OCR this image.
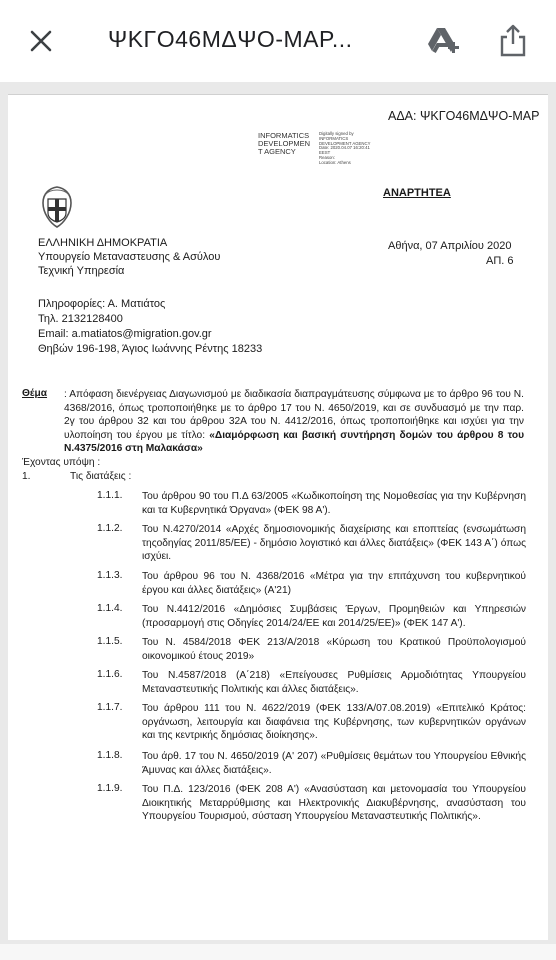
ΨΚΓΟ46ΜΔΨΟ-ΜΑΡ...
ΑΔΑ: ΨΚΓΟ46ΜΔΨΟ-ΜΑΡ
INFORMATICS
DEVELOPMEN
T AGENCY
Digitally signed by
INFORMATICS
DEVELOPMENT AGENCY
Date: 2020.04.07 16:20:41
EEST
Reason:
Location: Athens
ΑΝΑΡΤΗΤΕΑ
ΕΛΛΗΝΙΚΗ ΔΗΜΟΚΡΑΤΙΑ
Υπουργείο Μεταναστευσης & Ασύλου
Τεχνική Υπηρεσία
Αθήνα, 07 Απριλίου 2020
ΑΠ. 6
Πληροφορίες: Α. Ματιάτος
Τηλ. 2132128400
Email: a.matiatos@migration.gov.gr
Θηβών 196-198, Άγιος Ιωάννης Ρέντης 18233
Θέμα : Απόφαση διενέργειας Διαγωνισμού με διαδικασία διαπραγμάτευσης σύμφωνα με το άρθρο 96 του Ν. 4368/2016, όπως τροποποιήθηκε με το άρθρο 17 του Ν. 4650/2019, και σε συνδυασμό με την παρ. 2γ του άρθρου 32 και του άρθρου 32Α του Ν. 4412/2016, όπως τροποποιήθηκε και ισχύει για την υλοποίηση του έργου με τίτλο: «Διαμόρφωση και βασική συντήρηση δομών του άρθρου 8 του Ν.4375/2016 στη Μαλακάσα»
Έχοντας υπόψη :
1.	Τις διατάξεις :
1.1.1. Του άρθρου 90 του Π.Δ 63/2005 «Κωδικοποίηση της Νομοθεσίας για την Κυβέρνηση και τα Κυβερνητικά Όργανα» (ΦΕΚ 98 Α').
1.1.2. Του Ν.4270/2014 «Αρχές δημοσιονομικής διαχείρισης και εποπτείας (ενσωμάτωση τηςοδηγίας 2011/85/ΕΕ) - δημόσιο λογιστικό και άλλες διατάξεις» (ΦΕΚ 143 Α΄) όπως ισχύει.
1.1.3. Του άρθρου 96 του Ν. 4368/2016 «Μέτρα για την επιτάχυνση του κυβερνητικού έργου και άλλες διατάξεις» (Α'21)
1.1.4. Του Ν.4412/2016 «Δημόσιες Συμβάσεις Έργων, Προμηθειών και Υπηρεσιών (προσαρμογή στις Οδηγίες 2014/24/ΕΕ και 2014/25/ΕΕ)» (ΦΕΚ 147 Α').
1.1.5. Του Ν. 4584/2018 ΦΕΚ 213/Α/2018 «Κύρωση του Κρατικού Προϋπολογισμού οικονομικού έτους 2019»
1.1.6. Του Ν.4587/2018 (Α΄218) «Επείγουσες Ρυθμίσεις Αρμοδιότητας Υπουργείου Μεταναστευτικής Πολιτικής και άλλες διατάξεις».
1.1.7. Του άρθρου 111 του Ν. 4622/2019 (ΦΕΚ 133/Α/07.08.2019) «Επιτελικό Κράτος: οργάνωση, λειτουργία και διαφάνεια της Κυβέρνησης, των κυβερνητικών οργάνων και της κεντρικής δημόσιας διοίκησης».
1.1.8. Του άρθ. 17 του Ν. 4650/2019 (Α' 207) «Ρυθμίσεις θεμάτων του Υπουργείου Εθνικής Άμυνας και άλλες διατάξεις».
1.1.9. Του Π.Δ. 123/2016 (ΦΕΚ 208 Α') «Ανασύσταση και μετονομασία του Υπουργείου Διοικητικής Μεταρρύθμισης και Ηλεκτρονικής Διακυβέρνησης, ανασύσταση του Υπουργείου Τουρισμού, σύσταση Υπουργείου Μεταναστευτικής Πολιτικής».
